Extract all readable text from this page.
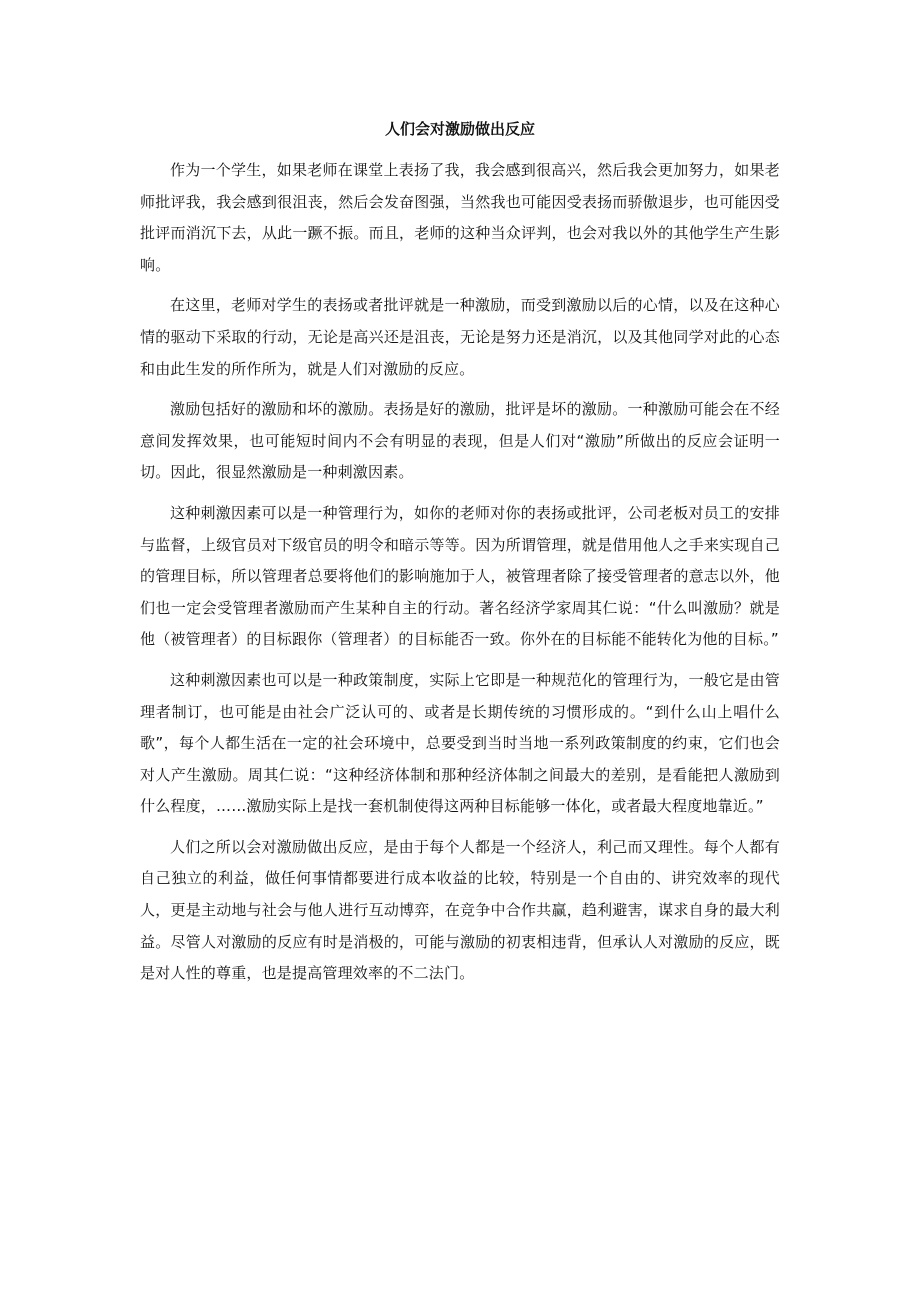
人们会对激励做出反应

作为一个学生，如果老师在课堂上表扬了我，我会感到很高兴，然后我会更加努力，如果老师批评我，我会感到很沮丧，然后会发奋图强，当然我也可能因受表扬而骄傲退步，也可能因受批评而消沉下去，从此一蹶不振。而且，老师的这种当众评判，也会对我以外的其他学生产生影响。

在这里，老师对学生的表扬或者批评就是一种激励，而受到激励以后的心情，以及在这种心情的驱动下采取的行动，无论是高兴还是沮丧，无论是努力还是消沉，以及其他同学对此的心态和由此生发的所作所为，就是人们对激励的反应。

激励包括好的激励和坏的激励。表扬是好的激励，批评是坏的激励。一种激励可能会在不经意间发挥效果，也可能短时间内不会有明显的表现，但是人们对“激励”所做出的反应会证明一切。因此，很显然激励是一种刺激因素。

这种刺激因素可以是一种管理行为，如你的老师对你的表扬或批评，公司老板对员工的安排与监督，上级官员对下级官员的明令和暗示等等。因为所谓管理，就是借用他人之手来实现自己的管理目标，所以管理者总要将他们的影响施加于人，被管理者除了接受管理者的意志以外，他们也一定会受管理者激励而产生某种自主的行动。著名经济学家周其仁说：“什么叫激励？就是他（被管理者）的目标跟你（管理者）的目标能否一致。你外在的目标能不能转化为他的目标。”

这种刺激因素也可以是一种政策制度，实际上它即是一种规范化的管理行为，一般它是由管理者制订，也可能是由社会广泛认可的、或者是长期传统的习惯形成的。“到什么山上唱什么歌”，每个人都生活在一定的社会环境中，总要受到当时当地一系列政策制度的约束，它们也会对人产生激励。周其仁说：“这种经济体制和那种经济体制之间最大的差别，是看能把人激励到什么程度，……激励实际上是找一套机制使得这两种目标能够一体化，或者最大程度地靠近。”

人们之所以会对激励做出反应，是由于每个人都是一个经济人，利己而又理性。每个人都有自己独立的利益，做任何事情都要进行成本收益的比较，特别是一个自由的、讲究效率的现代人，更是主动地与社会与他人进行互动博弈，在竞争中合作共赢，趋利避害，谋求自身的最大利益。尽管人对激励的反应有时是消极的，可能与激励的初衷相违背，但承认人对激励的反应，既是对人性的尊重，也是提高管理效率的不二法门。
